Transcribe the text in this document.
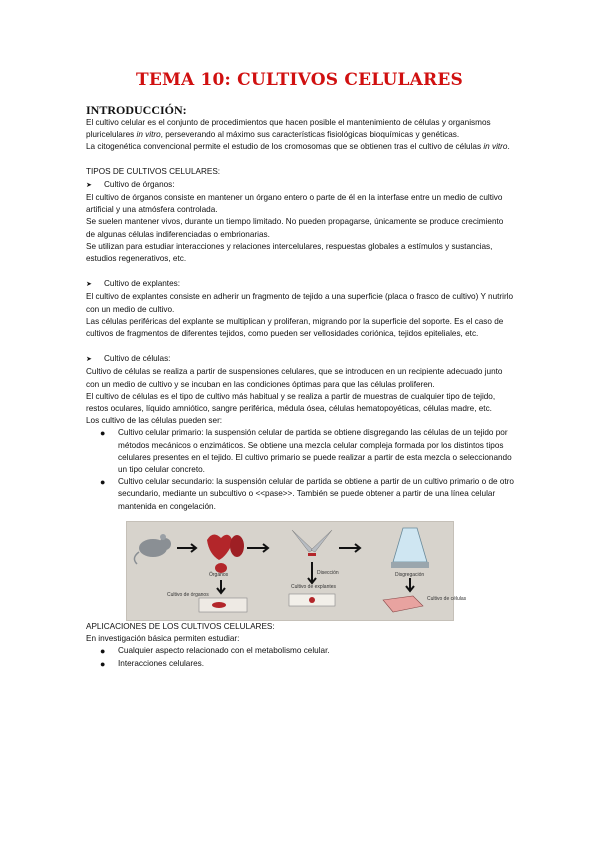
TEMA 10: CULTIVOS CELULARES

INTRODUCCIÓN:

El cultivo celular es el conjunto de procedimientos que hacen posible el mantenimiento de células y organismos pluricelulares in vitro, perseverando al máximo sus características fisiológicas bioquímicas y genéticas.

La citogenética convencional permite el estudio de los cromosomas que se obtienen tras el cultivo de células in vitro.

TIPOS DE CULTIVOS CELULARES:

➤	Cultivo de órganos:

El cultivo de órganos consiste en mantener un órgano entero o parte de él en la interfase entre un medio de cultivo artificial y una atmósfera controlada.

Se suelen mantener vivos, durante un tiempo limitado. No pueden propagarse, únicamente se produce crecimiento de algunas células indiferenciadas o embrionarias.

Se utilizan para estudiar interacciones y relaciones intercelulares, respuestas globales a estímulos y sustancias, estudios regenerativos, etc.

➤	Cultivo de explantes:

El cultivo de explantes consiste en adherir un fragmento de tejido a una superficie (placa o frasco de cultivo) Y nutrirlo con un medio de cultivo.

Las células periféricas del explante se multiplican y proliferan, migrando por la superficie del soporte. Es el caso de cultivos de fragmentos de diferentes tejidos, como pueden ser vellosidades coriónica, tejidos epiteliales, etc.

➤	Cultivo de células:

Cultivo de células se realiza a partir de suspensiones celulares, que se introducen en un recipiente adecuado junto con un medio de cultivo y se incuban en las condiciones óptimas para que las células proliferen.

El cultivo de células es el tipo de cultivo más habitual y se realiza a partir de muestras de cualquier tipo de tejido, restos oculares, líquido amniótico, sangre periférica, médula ósea, células hematopoyéticas, células madre, etc.

Los cultivo de las células pueden ser:

●	Cultivo celular primario: la suspensión celular de partida se obtiene disgregando las células de un tejido por métodos mecánicos o enzimáticos. Se obtiene una mezcla celular compleja formada por los distintos tipos celulares presentes en el tejido. El cultivo primario se puede realizar a partir de esta mezcla o seleccionando un tipo celular concreto.
●	Cultivo celular secundario: la suspensión celular de partida se obtiene a partir de un cultivo primario o de otro secundario, mediante un subcultivo o <<pase>>. También se puede obtener a partir de una línea celular mantenida en congelación.
Órganos
Cultivo de órganos
Disección
Cultivo de explantes
Disgregación
Cultivo de células

APLICACIONES DE LOS CULTIVOS CELULARES:

En investigación básica permiten estudiar:

●	Cualquier aspecto relacionado con el metabolismo celular.
●	Interacciones celulares.
